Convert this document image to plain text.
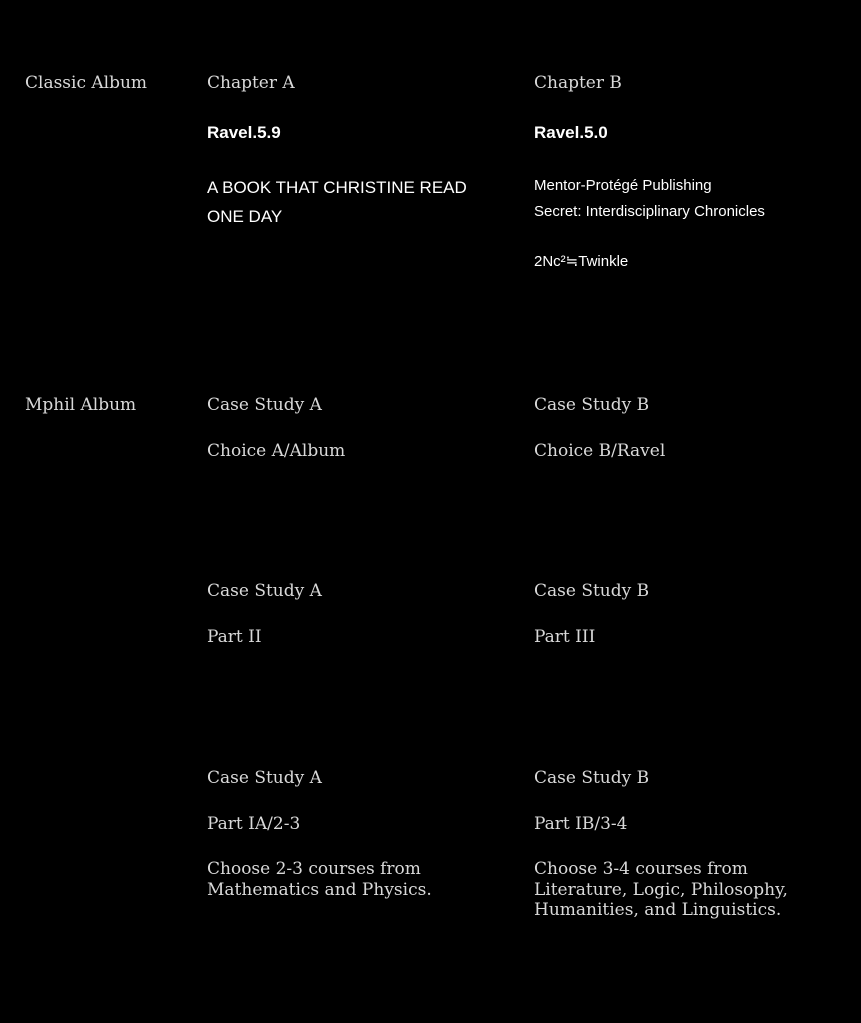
Classic Album	Chapter A
Ravel.5.9
A BOOK THAT CHRISTINE READ
ONE DAY
Chapter B
Ravel.5.0
Mentor-Protégé Publishing
Secret: Interdisciplinary Chronicles
2Nc²≒Twinkle
Mphil Album	Case Study A
Choice A/Album
Case Study B
Choice B/Ravel
Case Study A
Part II
Case Study B
Part III
Case Study A
Part IA/2-3
Choose 2-3 courses from Mathematics and Physics.
Case Study B
Part IB/3-4
Choose 3-4 courses from Literature, Logic, Philosophy, Humanities, and Linguistics.
